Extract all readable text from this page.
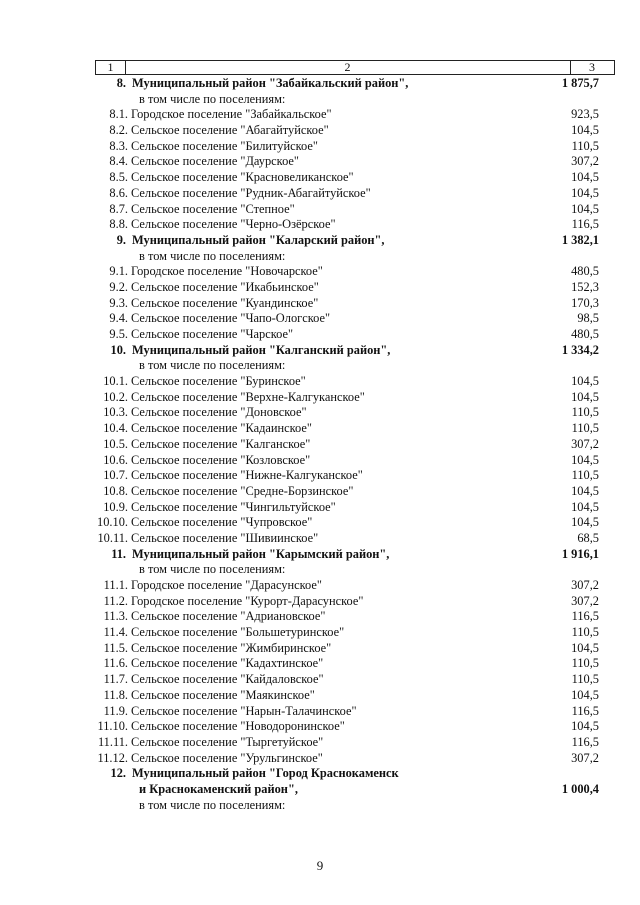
1	2	3
8. Муниципальный район "Забайкальский район",	1 875,7
в том числе по поселениям:
8.1. Городское поселение "Забайкальское"	923,5
8.2. Сельское поселение "Абагайтуйское"	104,5
8.3. Сельское поселение "Билитуйское"	110,5
8.4. Сельское поселение "Даурское"	307,2
8.5. Сельское поселение "Красновеликанское"	104,5
8.6. Сельское поселение "Рудник-Абагайтуйское"	104,5
8.7. Сельское поселение "Степное"	104,5
8.8. Сельское поселение "Черно-Озёрское"	116,5
9. Муниципальный район "Каларский район",	1 382,1
в том числе по поселениям:
9.1. Городское поселение "Новочарское"	480,5
9.2. Сельское поселение "Икабьинское"	152,3
9.3. Сельское поселение "Куандинское"	170,3
9.4. Сельское поселение "Чапо-Ологское"	98,5
9.5. Сельское поселение "Чарское"	480,5
10. Муниципальный район "Калганский район",	1 334,2
в том числе по поселениям:
10.1. Сельское поселение "Буринское"	104,5
10.2. Сельское поселение "Верхне-Калгуканское"	104,5
10.3. Сельское поселение "Доновское"	110,5
10.4. Сельское поселение "Кадаинское"	110,5
10.5. Сельское поселение "Калганское"	307,2
10.6. Сельское поселение "Козловское"	104,5
10.7. Сельское поселение "Нижне-Калгуканское"	110,5
10.8. Сельское поселение "Средне-Борзинское"	104,5
10.9. Сельское поселение "Чингильтуйское"	104,5
10.10. Сельское поселение "Чупровское"	104,5
10.11. Сельское поселение "Шивиинское"	68,5
11. Муниципальный район "Карымский район",	1 916,1
в том числе по поселениям:
11.1. Городское поселение "Дарасунское"	307,2
11.2. Городское поселение "Курорт-Дарасунское"	307,2
11.3. Сельское поселение "Адриановское"	116,5
11.4. Сельское поселение "Большетуринское"	110,5
11.5. Сельское поселение "Жимбиринское"	104,5
11.6. Сельское поселение "Кадахтинское"	110,5
11.7. Сельское поселение "Кайдаловское"	110,5
11.8. Сельское поселение "Маякинское"	104,5
11.9. Сельское поселение "Нарын-Талачинское"	116,5
11.10. Сельское поселение "Новодоронинское"	104,5
11.11. Сельское поселение "Тыргетуйское"	116,5
11.12. Сельское поселение "Урульгинское"	307,2
12. Муниципальный район "Город Краснокаменск
и Краснокаменский район",	1 000,4
в том числе по поселениям:
9
